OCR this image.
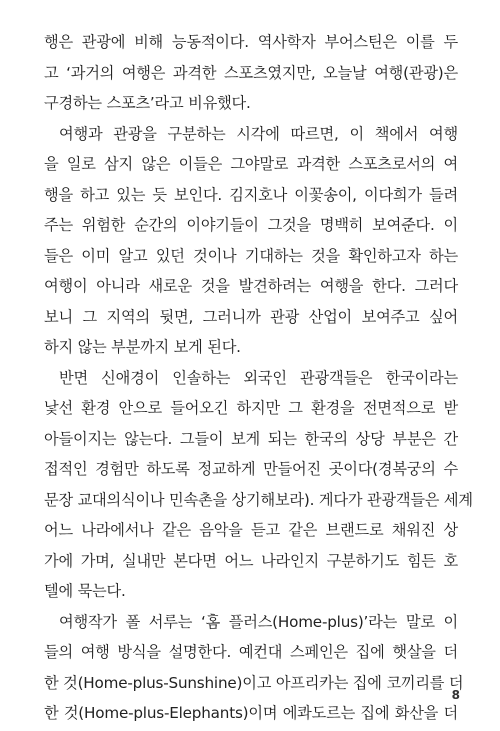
행은 관광에 비해 능동적이다. 역사학자 부어스틴은 이를 두
고 ‘과거의 여행은 과격한 스포츠였지만, 오늘날 여행(관광)은
구경하는 스포츠’라고 비유했다.
여행과 관광을 구분하는 시각에 따르면, 이 책에서 여행
을 일로 삼지 않은 이들은 그야말로 과격한 스포츠로서의 여
행을 하고 있는 듯 보인다. 김지호나 이꽃송이, 이다희가 들려
주는 위험한 순간의 이야기들이 그것을 명백히 보여준다. 이
들은 이미 알고 있던 것이나 기대하는 것을 확인하고자 하는
여행이 아니라 새로운 것을 발견하려는 여행을 한다. 그러다
보니 그 지역의 뒷면, 그러니까 관광 산업이 보여주고 싶어
하지 않는 부분까지 보게 된다.
반면 신애경이 인솔하는 외국인 관광객들은 한국이라는
낯선 환경 안으로 들어오긴 하지만 그 환경을 전면적으로 받
아들이지는 않는다. 그들이 보게 되는 한국의 상당 부분은 간
접적인 경험만 하도록 정교하게 만들어진 곳이다(경복궁의 수
문장 교대의식이나 민속촌을 상기해보라). 게다가 관광객들은 세계
어느 나라에서나 같은 음악을 듣고 같은 브랜드로 채워진 상
가에 가며, 실내만 본다면 어느 나라인지 구분하기도 힘든 호
텔에 묵는다.
여행작가 폴 서루는 ‘홈 플러스(Home-plus)’라는 말로 이
들의 여행 방식을 설명한다. 예컨대 스페인은 집에 햇살을 더
한 것(Home-plus-Sunshine)이고 아프리카는 집에 코끼리를 더
한 것(Home-plus-Elephants)이며 에콰도르는 집에 화산을 더
8
